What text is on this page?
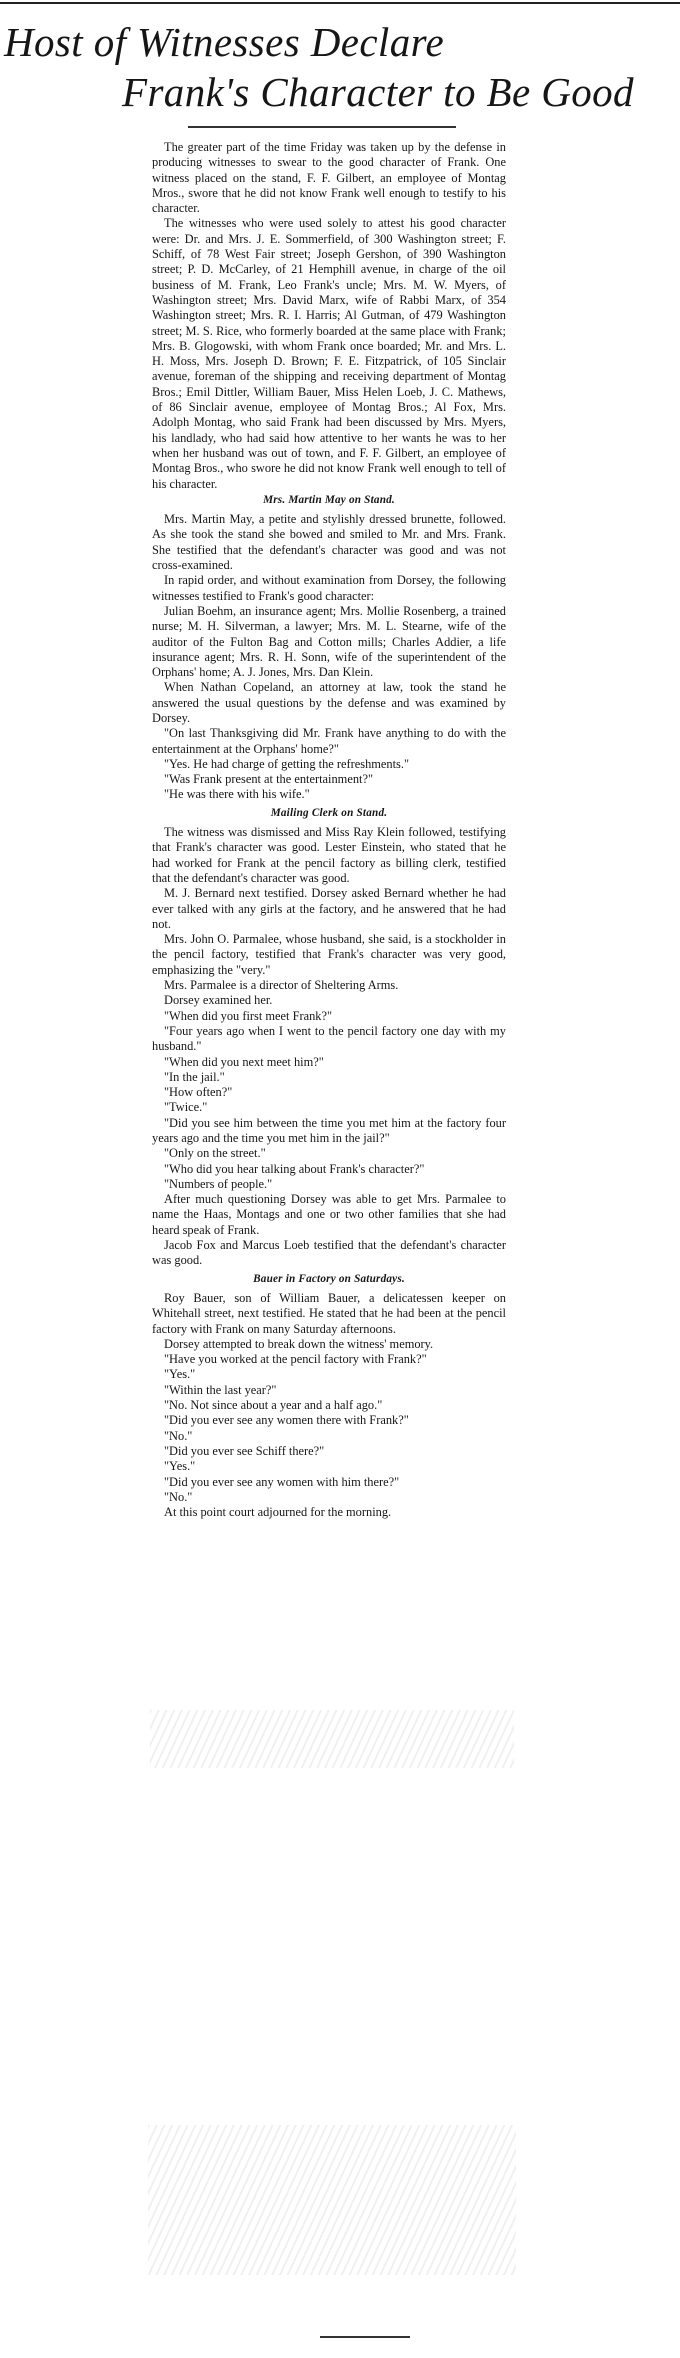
Host of Witnesses Declare
Frank's Character to Be Good

The greater part of the time Friday was taken up by the defense in producing witnesses to swear to the good character of Frank. One witness placed on the stand, F. F. Gilbert, an employee of Montag Mros., swore that he did not know Frank well enough to testify to his character.

The witnesses who were used solely to attest his good character were: Dr. and Mrs. J. E. Sommerfield, of 300 Washington street; F. Schiff, of 78 West Fair street; Joseph Gershon, of 390 Washington street; P. D. McCarley, of 21 Hemphill avenue, in charge of the oil business of M. Frank, Leo Frank's uncle; Mrs. M. W. Myers, of Washington street; Mrs. David Marx, wife of Rabbi Marx, of 354 Washington street; Mrs. R. I. Harris; Al Gutman, of 479 Washington street; M. S. Rice, who formerly boarded at the same place with Frank; Mrs. B. Glogowski, with whom Frank once boarded; Mr. and Mrs. L. H. Moss, Mrs. Joseph D. Brown; F. E. Fitzpatrick, of 105 Sinclair avenue, foreman of the shipping and receiving department of Montag Bros.; Emil Dittler, William Bauer, Miss Helen Loeb, J. C. Mathews, of 86 Sinclair avenue, employee of Montag Bros.; Al Fox, Mrs. Adolph Montag, who said Frank had been discussed by Mrs. Myers, his landlady, who had said how attentive to her wants he was to her when her husband was out of town, and F. F. Gilbert, an employee of Montag Bros., who swore he did not know Frank well enough to tell of his character.

Mrs. Martin May on Stand.

Mrs. Martin May, a petite and stylishly dressed brunette, followed. As she took the stand she bowed and smiled to Mr. and Mrs. Frank. She testified that the defendant's character was good and was not cross-examined.

In rapid order, and without examination from Dorsey, the following witnesses testified to Frank's good character:

Julian Boehm, an insurance agent; Mrs. Mollie Rosenberg, a trained nurse; M. H. Silverman, a lawyer; Mrs. M. L. Stearne, wife of the auditor of the Fulton Bag and Cotton mills; Charles Addier, a life insurance agent; Mrs. R. H. Sonn, wife of the superintendent of the Orphans' home; A. J. Jones, Mrs. Dan Klein.

When Nathan Copeland, an attorney at law, took the stand he answered the usual questions by the defense and was examined by Dorsey.

"On last Thanksgiving did Mr. Frank have anything to do with the entertainment at the Orphans' home?"

"Yes. He had charge of getting the refreshments."

"Was Frank present at the entertainment?"

"He was there with his wife."

Mailing Clerk on Stand.

The witness was dismissed and Miss Ray Klein followed, testifying that Frank's character was good. Lester Einstein, who stated that he had worked for Frank at the pencil factory as billing clerk, testified that the defendant's character was good.

M. J. Bernard next testified. Dorsey asked Bernard whether he had ever talked with any girls at the factory, and he answered that he had not.

Mrs. John O. Parmalee, whose husband, she said, is a stockholder in the pencil factory, testified that Frank's character was very good, emphasizing the "very."

Mrs. Parmalee is a director of Sheltering Arms.

Dorsey examined her.

"When did you first meet Frank?"

"Four years ago when I went to the pencil factory one day with my husband."

"When did you next meet him?"

"In the jail."

"How often?"

"Twice."

"Did you see him between the time you met him at the factory four years ago and the time you met him in the jail?"

"Only on the street."

"Who did you hear talking about Frank's character?"

"Numbers of people."

After much questioning Dorsey was able to get Mrs. Parmalee to name the Haas, Montags and one or two other families that she had heard speak of Frank.

Jacob Fox and Marcus Loeb testified that the defendant's character was good.

Bauer in Factory on Saturdays.

Roy Bauer, son of William Bauer, a delicatessen keeper on Whitehall street, next testified. He stated that he had been at the pencil factory with Frank on many Saturday afternoons.

Dorsey attempted to break down the witness' memory.

"Have you worked at the pencil factory with Frank?"

"Yes."

"Within the last year?"

"No. Not since about a year and a half ago."

"Did you ever see any women there with Frank?"

"No."

"Did you ever see Schiff there?"

"Yes."

"Did you ever see any women with him there?"

"No."

At this point court adjourned for the morning.
